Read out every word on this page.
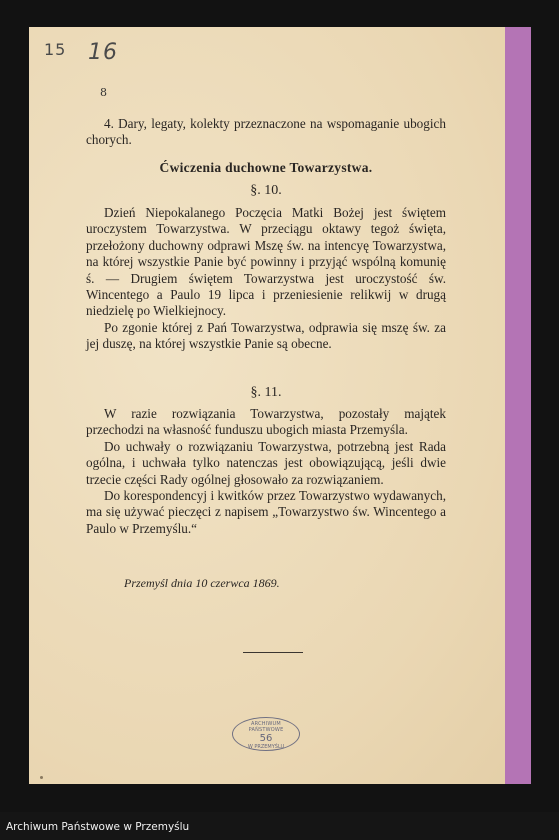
15 16
8

4. Dary, legaty, kolekty przeznaczone na wspomaganie ubogich chorych.

Ćwiczenia duchowne Towarzystwa.
§. 10.

Dzień Niepokalanego Poczęcia Matki Bożej jest świętem uroczystem Towarzystwa. W przeciągu oktawy tegoż święta, przełożony duchowny odprawi Mszę św. na intencyę Towarzystwa, na której wszystkie Panie być powinny i przyjąć wspólną komunię ś. — Drugiem świętem Towarzystwa jest uroczystość św. Wincentego a Paulo 19 lipca i przeniesienie relikwij w drugą niedzielę po Wielkiejnocy.

Po zgonie której z Pań Towarzystwa, odprawia się mszę św. za jej duszę, na której wszystkie Panie są obecne.

§. 11.

W razie rozwiązania Towarzystwa, pozostały majątek przechodzi na własność funduszu ubogich miasta Przemyśla.

Do uchwały o rozwiązaniu Towarzystwa, potrzebną jest Rada ogólna, i uchwała tylko natenczas jest obowiązującą, jeśli dwie trzecie części Rady ogólnej głosowało za rozwiązaniem.

Do korespondencyj i kwitków przez Towarzystwo wydawanych, ma się używać pieczęci z napisem „Towarzystwo św. Wincentego a Paulo w Przemyślu.“

Przemyśl dnia 10 czerwca 1869.
ARCHIWUM PAŃSTWOWE
56
W PRZEMYŚLU
Archiwum Państwowe w Przemyślu
